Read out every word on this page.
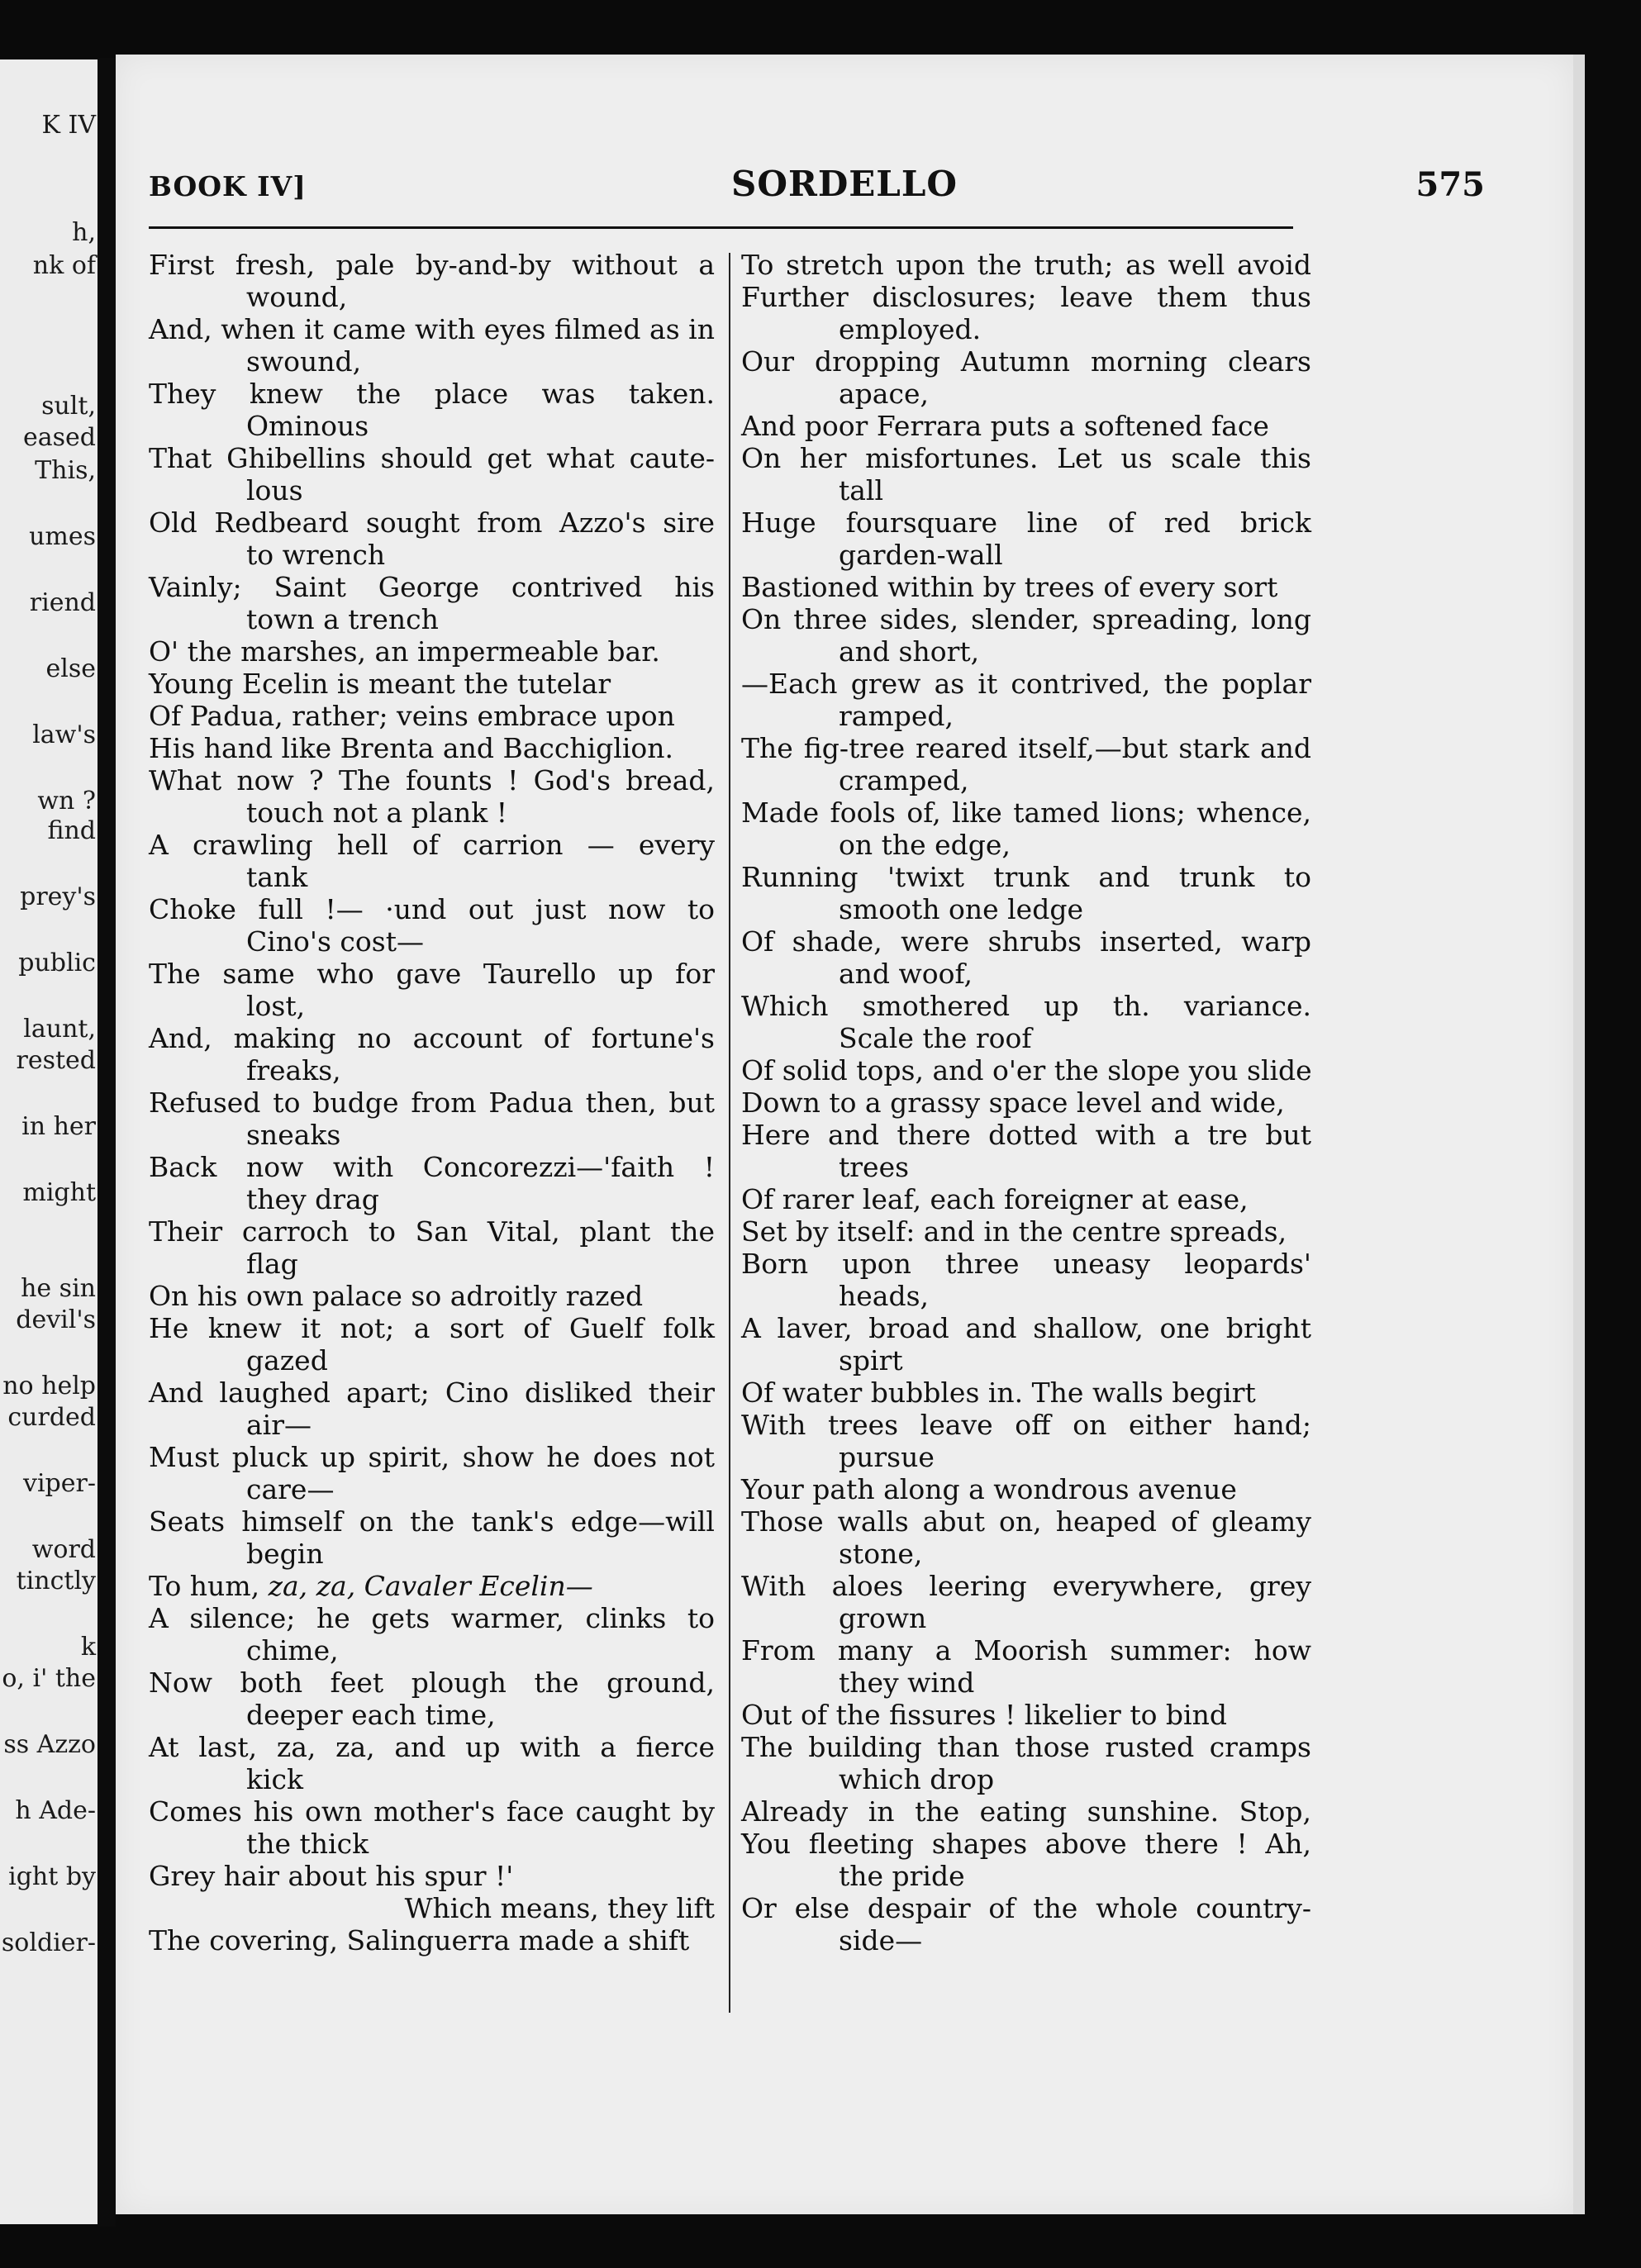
K IV
h,
nk of
sult,
eased
This,
umes
riend
else
law's
wn ?
find
prey's
public
launt,
rested
in her
might
he sin
devil's
no help
curded
viper-
word
tinctly
k
o, i' the
ss Azzo
h Ade-
ight by
soldier-
BOOK IV]	SORDELLO	575
First fresh, pale by-and-by without a
wound,
And, when it came with eyes filmed as in
swound,
They knew the place was taken.
Ominous
That Ghibellins should get what caute-
lous
Old Redbeard sought from Azzo's sire
to wrench
Vainly; Saint George contrived his
town a trench
O' the marshes, an impermeable bar.
Young Ecelin is meant the tutelar
Of Padua, rather; veins embrace upon
His hand like Brenta and Bacchiglion.
What now ? The founts ! God's bread,
touch not a plank !
A crawling hell of carrion — every
tank
Choke full !— ·und out just now to
Cino's cost—
The same who gave Taurello up for
lost,
And, making no account of fortune's
freaks,
Refused to budge from Padua then, but
sneaks
Back now with Concorezzi—'faith !
they drag
Their carroch to San Vital, plant the
flag
On his own palace so adroitly razed
He knew it not; a sort of Guelf folk
gazed
And laughed apart; Cino disliked their
air—
Must pluck up spirit, show he does not
care—
Seats himself on the tank's edge—will
begin
To hum, za, za, Cavaler Ecelin—
A silence; he gets warmer, clinks to
chime,
Now both feet plough the ground,
deeper each time,
At last, za, za, and up with a fierce
kick
Comes his own mother's face caught by
the thick
Grey hair about his spur !'
Which means, they lift
The covering, Salinguerra made a shift
To stretch upon the truth; as well avoid
Further disclosures; leave them thus
employed.
Our dropping Autumn morning clears
apace,
And poor Ferrara puts a softened face
On her misfortunes. Let us scale this
tall
Huge foursquare line of red brick
garden-wall
Bastioned within by trees of every sort
On three sides, slender, spreading, long
and short,
—Each grew as it contrived, the poplar
ramped,
The fig-tree reared itself,—but stark and
cramped,
Made fools of, like tamed lions; whence,
on the edge,
Running 'twixt trunk and trunk to
smooth one ledge
Of shade, were shrubs inserted, warp
and woof,
Which smothered up th. variance.
Scale the roof
Of solid tops, and o'er the slope you slide
Down to a grassy space level and wide,
Here and there dotted with a tre but
trees
Of rarer leaf, each foreigner at ease,
Set by itself: and in the centre spreads,
Born upon three uneasy leopards'
heads,
A laver, broad and shallow, one bright
spirt
Of water bubbles in. The walls begirt
With trees leave off on either hand;
pursue
Your path along a wondrous avenue
Those walls abut on, heaped of gleamy
stone,
With aloes leering everywhere, grey
grown
From many a Moorish summer: how
they wind
Out of the fissures ! likelier to bind
The building than those rusted cramps
which drop
Already in the eating sunshine. Stop,
You fleeting shapes above there ! Ah,
the pride
Or else despair of the whole country-
side—
